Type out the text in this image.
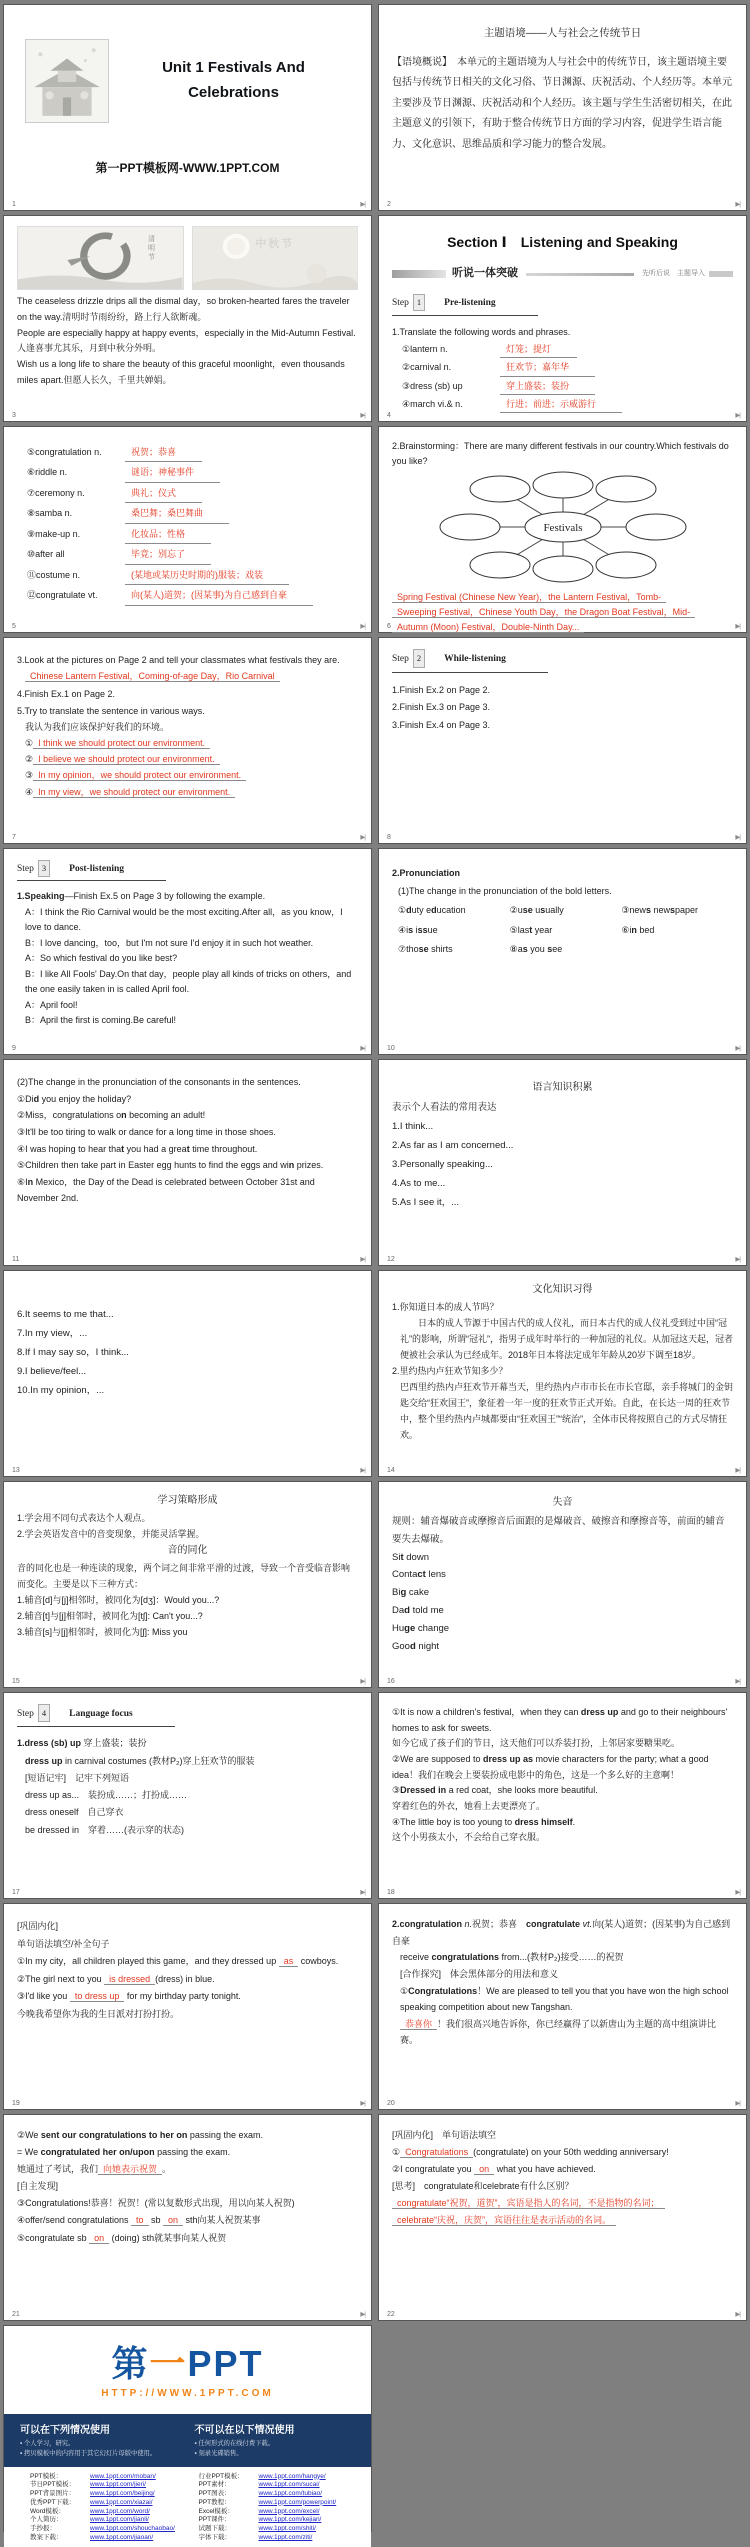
Unit 1 Festivals And Celebrations
第一PPT模板网-WWW.1PPT.COM
1	▶|
主题语境——人与社会之传统节日
【语境概说】　本单元的主题语境为人与社会中的传统节日，该主题语境主要包括与传统节日相关的文化习俗、节日渊源、庆祝活动、个人经历等。本单元主要涉及节日渊源、庆祝活动和个人经历。该主题与学生生活密切相关，在此主题意义的引领下，有助于整合传统节日方面的学习内容，促进学生语言能力、文化意识、思维品质和学习能力的整合发展。
2	▶|
清明节	中秋节
The ceaseless drizzle drips all the dismal day，so broken-hearted fares the traveler on the way.清明时节雨纷纷，路上行人欲断魂。
People are especially happy at happy events，especially in the Mid-Autumn Festival.人逢喜事尤其乐，月到中秋分外明。
Wish us a long life to share the beauty of this graceful moonlight，even thousands miles apart.但愿人长久，千里共婵娟。
3	▶|
Section Ⅰ　Listening and Speaking
听说一体突破	先听后说　主题导入
Step 1 Pre-listening
1.Translate the following words and phrases.
①lantern n.	灯笼；提灯
②carnival n.	狂欢节；嘉年华
③dress (sb) up	穿上盛装；装扮
④march vi.& n.	行进；前进；示威游行
4	▶|
⑤congratulation n.	祝贺；恭喜
⑥riddle n.	谜语；神秘事件
⑦ceremony n.	典礼；仪式
⑧samba n.	桑巴舞；桑巴舞曲
⑨make-up n.	化妆品；性格
⑩after all	毕竟；别忘了
⑪costume n.	(某地或某历史时期的)服装；戏装
⑫congratulate vt.	向(某人)道贺；(因某事)为自己感到自豪
5	▶|
2.Brainstorming：There are many different festivals in our country.Which festivals do you like?
Festivals
Spring Festival (Chinese New Year)，the Lantern Festival，Tomb-
Sweeping Festival，Chinese Youth Day，the Dragon Boat Festival，Mid-
Autumn (Moon) Festival，Double-Ninth Day...
6	▶|
3.Look at the pictures on Page 2 and tell your classmates what festivals they are.
Chinese Lantern Festival，Coming-of-age Day，Rio Carnival
4.Finish Ex.1 on Page 2.
5.Try to translate the sentence in various ways.
我认为我们应该保护好我们的环境。
① I think we should protect our environment.
② I believe we should protect our environment.
③ In my opinion，we should protect our environment.
④ In my view，we should protect our environment.
7	▶|
Step 2 While-listening
1.Finish Ex.2 on Page 2.
2.Finish Ex.3 on Page 3.
3.Finish Ex.4 on Page 3.
8	▶|
Step 3 Post-listening
1.Speaking—Finish Ex.5 on Page 3 by following the example.
A：I think the Rio Carnival would be the most exciting.After all，as you know，I love to dance.
B：I love dancing，too，but I'm not sure I'd enjoy it in such hot weather.
A：So which festival do you like best?
B：I like All Fools' Day.On that day，people play all kinds of tricks on others，and the one easily taken in is called April fool.
A：April fool!
B：April the first is coming.Be careful!
9	▶|
2.Pronunciation
(1)The change in the pronunciation of the bold letters.
①duty education	②use usually	③news newspaper
④is issue	⑤last year	⑥in bed
⑦those shirts	⑧as you see
10	▶|
(2)The change in the pronunciation of the consonants in the sentences.
①Did you enjoy the holiday?
②Miss，congratulations on becoming an adult!
③It'll be too tiring to walk or dance for a long time in those shoes.
④I was hoping to hear that you had a great time throughout.
⑤Children then take part in Easter egg hunts to find the eggs and win prizes.
⑥In Mexico，the Day of the Dead is celebrated between October 31st and November 2nd.
11	▶|
语言知识积累
表示个人看法的常用表达
1.I think...
2.As far as I am concerned...
3.Personally speaking...
4.As to me...
5.As I see it，...
12	▶|
6.It seems to me that...
7.In my view，...
8.If I may say so，I think...
9.I believe/feel...
10.In my opinion，...
13	▶|
文化知识习得
1.你知道日本的成人节吗？
　　日本的成人节源于中国古代的成人仪礼，而日本古代的成人仪礼受到过中国“冠礼”的影响，所谓“冠礼”，指男子成年时举行的一种加冠的礼仪。从加冠这天起，冠者便被社会承认为已经成年。2018年日本将法定成年年龄从20岁下调至18岁。
2.里约热内卢狂欢节知多少？
巴西里约热内卢狂欢节开幕当天，里约热内卢市市长在市长官邸，亲手将城门的金钥匙交给“狂欢国王”，象征着一年一度的狂欢节正式开始。自此，在长达一周的狂欢节中，整个里约热内卢城都要由“狂欢国王”“统治”，全体市民将按照自己的方式尽情狂欢。
14	▶|
学习策略形成
1.学会用不同句式表达个人观点。
2.学会英语发音中的音变现象，并能灵活掌握。
音的同化
音的同化也是一种连读的现象，两个词之间非常平滑的过渡，导致一个音受临音影响而变化。主要是以下三种方式：
1.辅音[d]与[j]相邻时，被同化为[dʒ]：Would you...?
2.辅音[t]与[j]相邻时，被同化为[tʃ]: Can't you...?
3.辅音[s]与[j]相邻时，被同化为[ʃ]: Miss you
15	▶|
失音
规则：辅音爆破音或摩擦音后面跟的是爆破音、破擦音和摩擦音等，前面的辅音要失去爆破。
Sit down
Contact lens
Big cake
Dad told me
Huge change
Good night
16	▶|
Step 4 Language focus
1.dress (sb) up 穿上盛装；装扮
dress up in carnival costumes (教材P₂)穿上狂欢节的服装
[短语记牢]　记牢下列短语
dress up as...　装扮成……；打扮成……
dress oneself　自己穿衣
be dressed in　穿着……(表示穿的状态)
17	▶|
①It is now a children's festival，when they can dress up and go to their neighbours' homes to ask for sweets.
如今它成了孩子们的节日，这天他们可以乔装打扮，上邻居家要糖果吃。
②We are supposed to dress up as movie characters for the party; what a good idea！我们在晚会上要装扮成电影中的角色，这是一个多么好的主意啊！
③Dressed in a red coat，she looks more beautiful.
穿着红色的外衣，她看上去更漂亮了。
④The little boy is too young to dress himself.
这个小男孩太小，不会给自己穿衣服。
18	▶|
[巩固内化]
单句语法填空/补全句子
①In my city，all children played this game，and they dressed up as cowboys.
②The girl next to you is dressed (dress) in blue.
③I'd like you to dress up for my birthday party tonight.
今晚我希望你为我的生日派对打扮打扮。
19	▶|
2.congratulation n.祝贺；恭喜　congratulate vt.向(某人)道贺；(因某事)为自己感到自豪
receive congratulations from...(教材P₂)接受……的祝贺
[合作探究]　体会黑体部分的用法和意义
①Congratulations！We are pleased to tell you that you have won the high school speaking competition about new Tangshan.
恭喜你 ！我们很高兴地告诉你，你已经赢得了以新唐山为主题的高中组演讲比赛。
20	▶|
②We sent our congratulations to her on passing the exam.
= We congratulated her on/upon passing the exam.
她通过了考试，我们 向她表示祝贺 。
[自主发现]
③Congratulations!恭喜！祝贺！(常以复数形式出现，用以向某人祝贺)
④offer/send congratulations to sb on sth向某人祝贺某事
⑤congratulate sb on (doing) sth就某事向某人祝贺
21	▶|
[巩固内化]　单句语法填空
① Congratulations (congratulate) on your 50th wedding anniversary!
②I congratulate you on what you have achieved.
[思考]　congratulate和celebrate有什么区别？
congratulate“祝贺，道贺”，宾语是指人的名词，不是指物的名词；
celebrate“庆祝，庆贺”，宾语往往是表示活动的名词。
22	▶|
第一PPT
HTTP://WWW.1PPT.COM
可以在下列情况使用
▪ 个人学习，研究。
▪ 拷贝模板中的内容用于其它幻灯片母版中使用。
不可以在以下情况使用
▪ 任何形式的在线付费下载。
▪ 刻录光碟销售。
PPT模板：	www.1ppt.com/moban/
节日PPT模板： www.1ppt.com/jieri/
PPT背景图片： www.1ppt.com/beijing/
优秀PPT下载： www.1ppt.com/xiazai/
Word模板：	www.1ppt.com/word/
个人简历：	www.1ppt.com/jianli/
手抄报：	www.1ppt.com/shouchaobao/
教案下载：	www.1ppt.com/jiaoan/
行业PPT模板： www.1ppt.com/hangye/
PPT素材：	www.1ppt.com/sucai/
PPT图表：	www.1ppt.com/tubiao/
PPT教程：	www.1ppt.com/powerpoint/
Excel模板：	www.1ppt.com/excel/
PPT课件：	www.1ppt.com/kejian/
试题下载：	www.1ppt.com/shiti/
字体下载：	www.1ppt.com/ziti/
